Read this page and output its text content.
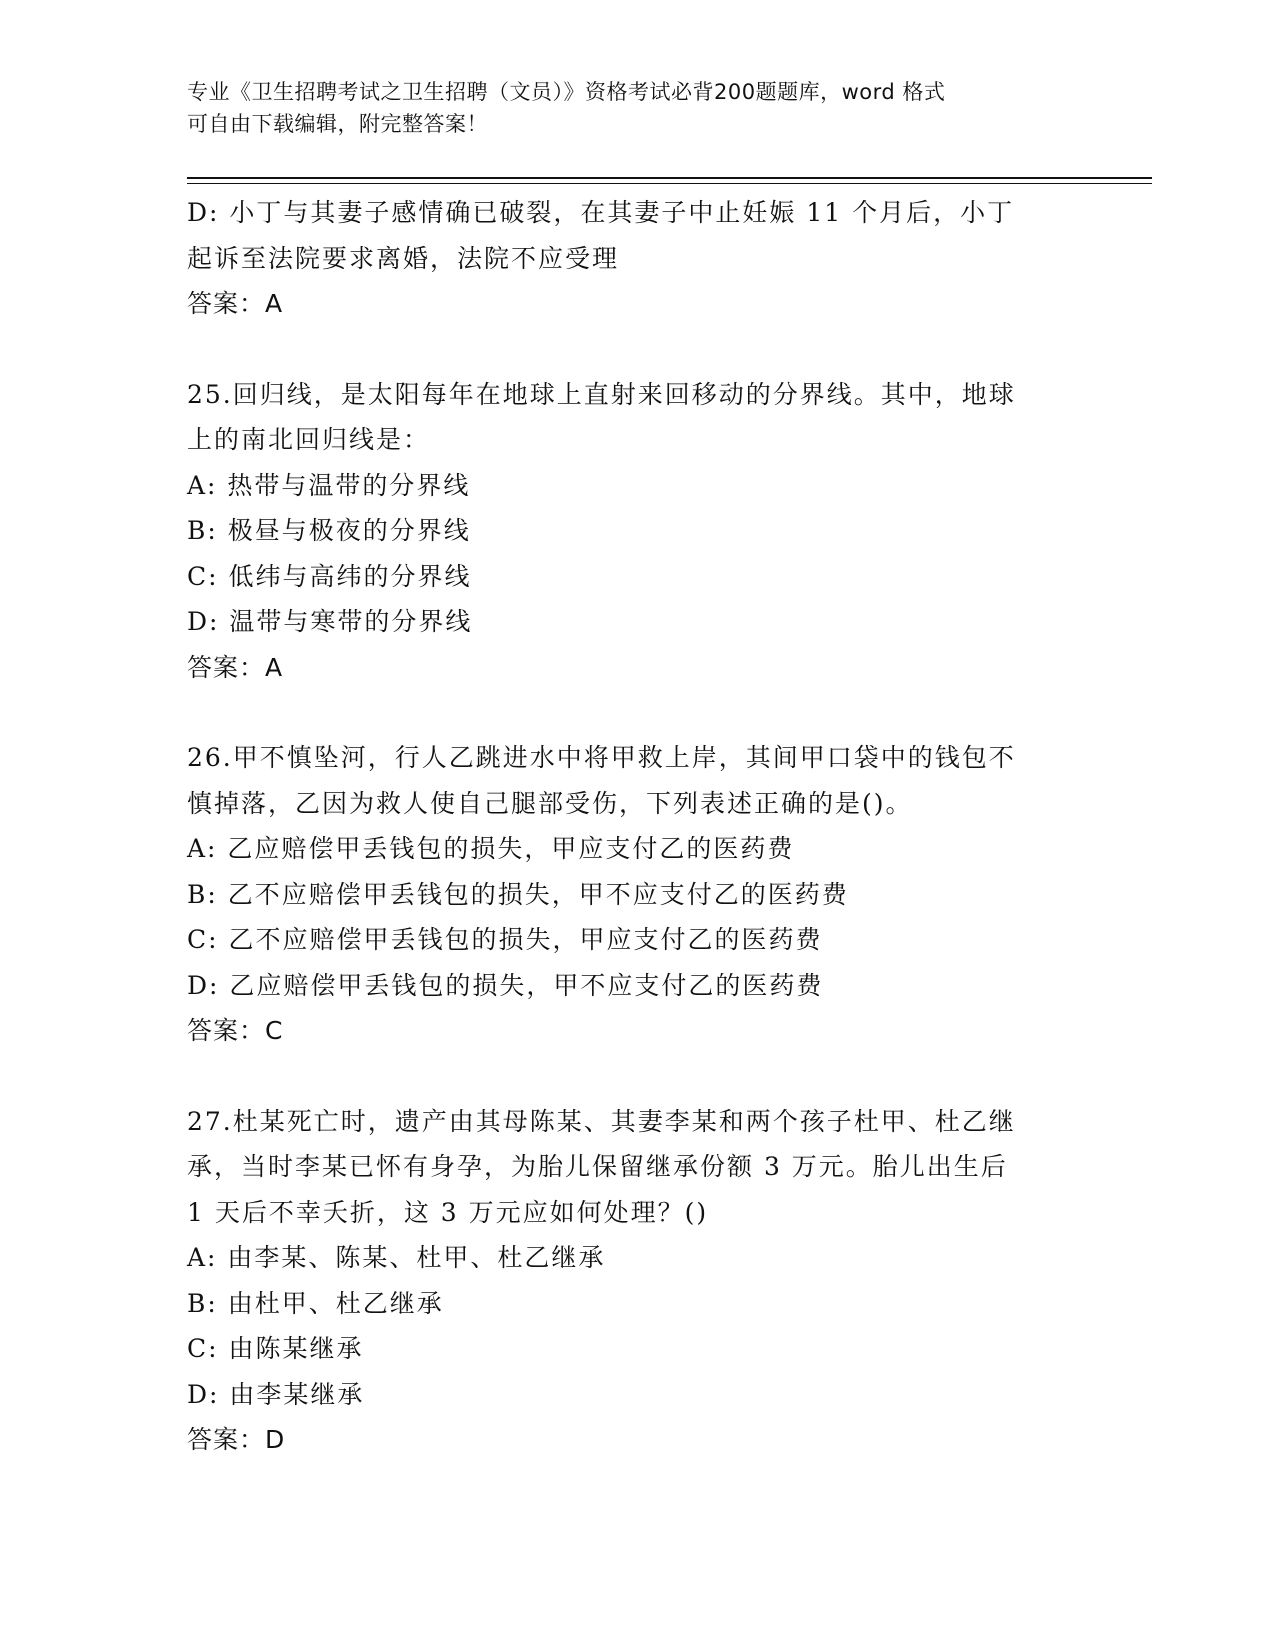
专业《卫生招聘考试之卫生招聘（文员）》资格考试必背200题题库，word 格式
可自由下载编辑，附完整答案！
D: 小丁与其妻子感情确已破裂，在其妻子中止妊娠 11 个月后，小丁
起诉至法院要求离婚，法院不应受理
答案：A
25.回归线，是太阳每年在地球上直射来回移动的分界线。其中，地球
上的南北回归线是：
A: 热带与温带的分界线
B: 极昼与极夜的分界线
C: 低纬与高纬的分界线
D: 温带与寒带的分界线
答案：A
26.甲不慎坠河，行人乙跳进水中将甲救上岸，其间甲口袋中的钱包不
慎掉落，乙因为救人使自己腿部受伤，下列表述正确的是()。
A: 乙应赔偿甲丢钱包的损失，甲应支付乙的医药费
B: 乙不应赔偿甲丢钱包的损失，甲不应支付乙的医药费
C: 乙不应赔偿甲丢钱包的损失，甲应支付乙的医药费
D: 乙应赔偿甲丢钱包的损失，甲不应支付乙的医药费
答案：C
27.杜某死亡时，遗产由其母陈某、其妻李某和两个孩子杜甲、杜乙继
承，当时李某已怀有身孕，为胎儿保留继承份额 3 万元。胎儿出生后
1 天后不幸夭折，这 3 万元应如何处理？()
A: 由李某、陈某、杜甲、杜乙继承
B: 由杜甲、杜乙继承
C: 由陈某继承
D: 由李某继承
答案：D
